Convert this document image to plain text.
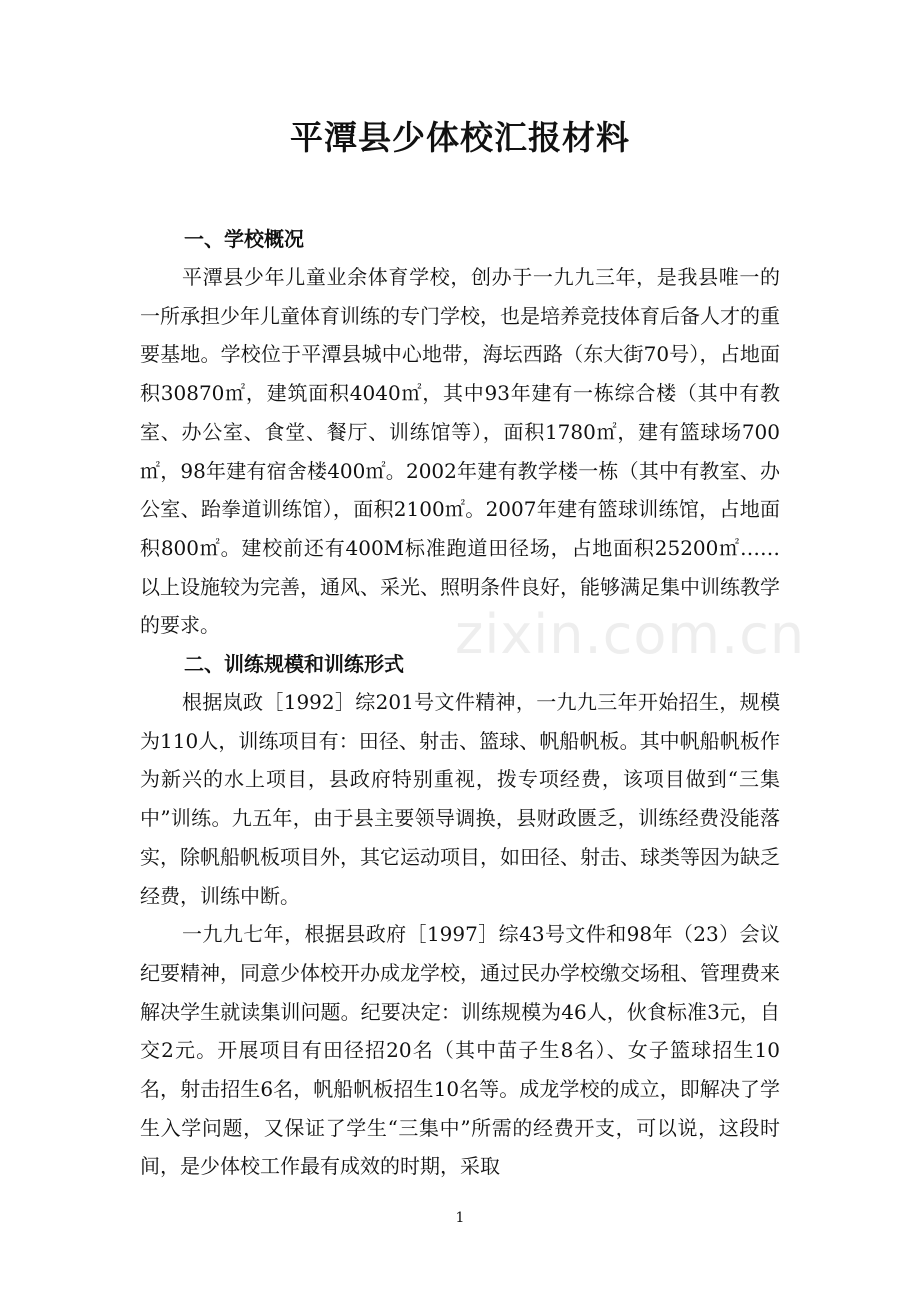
平潭县少体校汇报材料
一、学校概况

平潭县少年儿童业余体育学校，创办于一九九三年，是我县唯一的一所承担少年儿童体育训练的专门学校，也是培养竞技体育后备人才的重要基地。学校位于平潭县城中心地带，海坛西路（东大街70号），占地面积30870㎡，建筑面积4040㎡，其中93年建有一栋综合楼（其中有教室、办公室、食堂、餐厅、训练馆等），面积1780㎡，建有篮球场700㎡，98年建有宿舍楼400㎡。2002年建有教学楼一栋（其中有教室、办公室、跆拳道训练馆），面积2100㎡。2007年建有篮球训练馆，占地面积800㎡。建校前还有400M标准跑道田径场，占地面积25200㎡……以上设施较为完善，通风、采光、照明条件良好，能够满足集中训练教学的要求。

二、训练规模和训练形式

根据岚政［1992］综201号文件精神，一九九三年开始招生，规模为110人，训练项目有：田径、射击、篮球、帆船帆板。其中帆船帆板作为新兴的水上项目，县政府特别重视，拨专项经费，该项目做到“三集中”训练。九五年，由于县主要领导调换，县财政匮乏，训练经费没能落实，除帆船帆板项目外，其它运动项目，如田径、射击、球类等因为缺乏经费，训练中断。

一九九七年，根据县政府［1997］综43号文件和98年（23）会议纪要精神，同意少体校开办成龙学校，通过民办学校缴交场租、管理费来解决学生就读集训问题。纪要决定：训练规模为46人，伙食标准3元，自交2元。开展项目有田径招20名（其中苗子生8名）、女子篮球招生10名，射击招生6名，帆船帆板招生10名等。成龙学校的成立，即解决了学生入学问题，又保证了学生“三集中”所需的经费开支，可以说，这段时间，是少体校工作最有成效的时期，采取

zixin.com.cn
1
